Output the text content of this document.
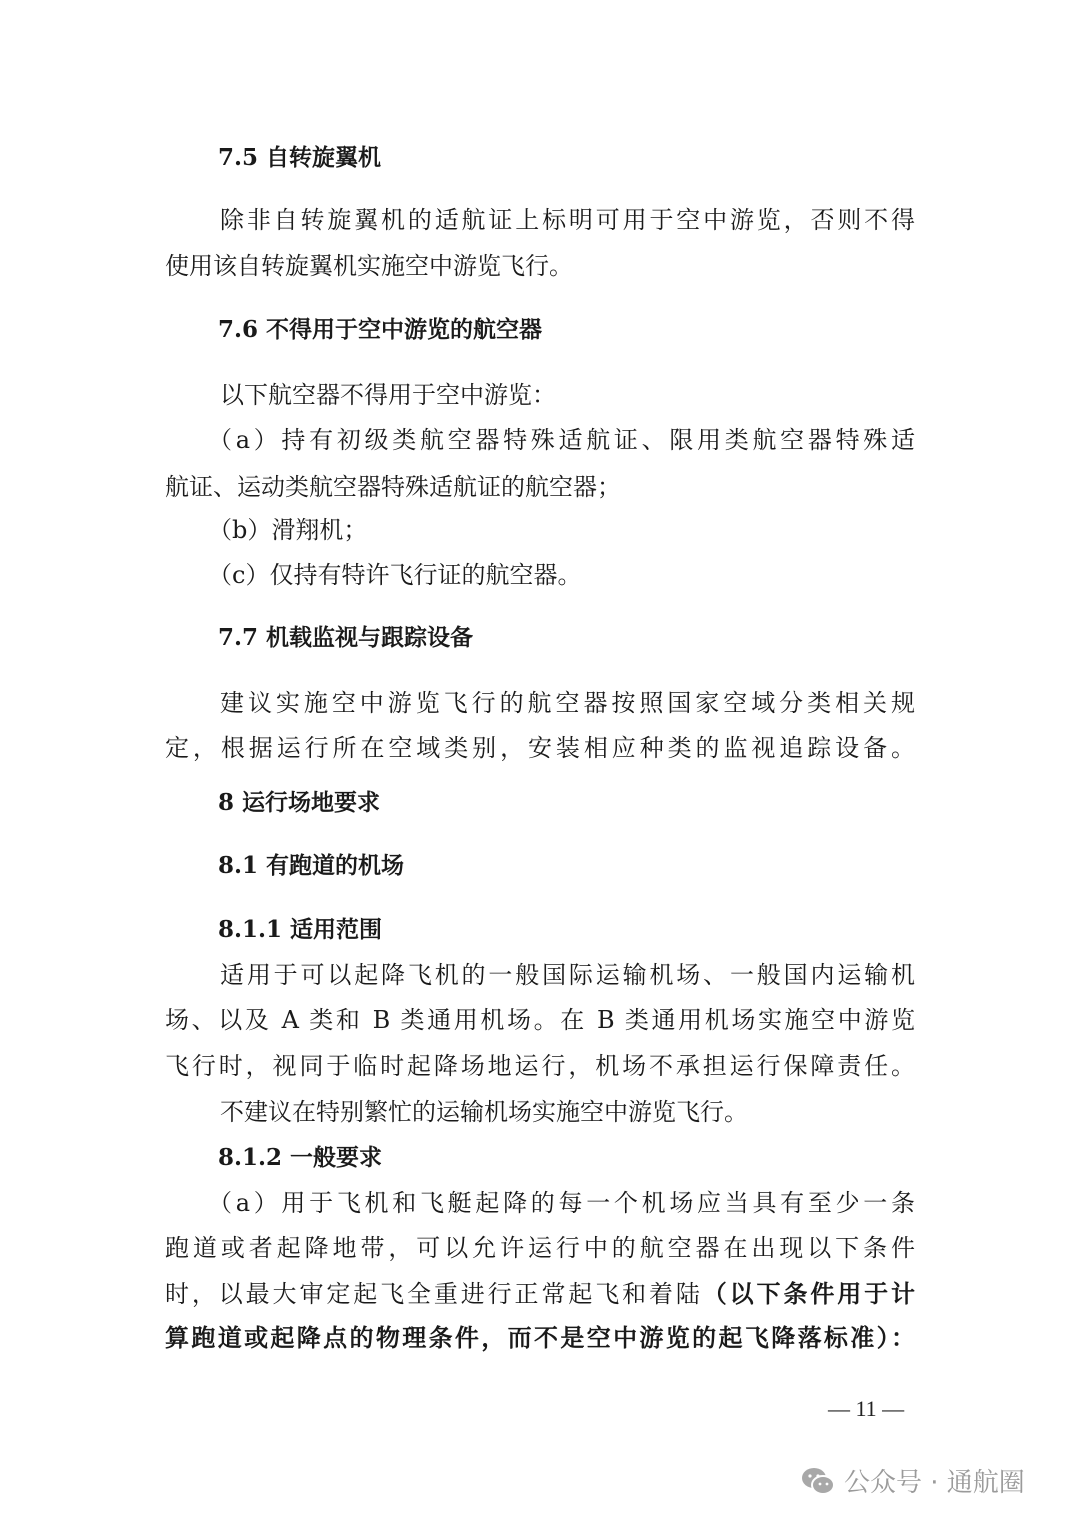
7.5 自转旋翼机
除非自转旋翼机的适航证上标明可用于空中游览，否则不得
使用该自转旋翼机实施空中游览飞行。
7.6 不得用于空中游览的航空器
以下航空器不得用于空中游览：
（a）持有初级类航空器特殊适航证、限用类航空器特殊适
航证、运动类航空器特殊适航证的航空器；
（b）滑翔机；
（c）仅持有特许飞行证的航空器。
7.7 机载监视与跟踪设备
建议实施空中游览飞行的航空器按照国家空域分类相关规
定，根据运行所在空域类别，安装相应种类的监视追踪设备。
8 运行场地要求
8.1 有跑道的机场
8.1.1 适用范围
适用于可以起降飞机的一般国际运输机场、一般国内运输机
场、以及 A 类和 B 类通用机场。在 B 类通用机场实施空中游览
飞行时，视同于临时起降场地运行，机场不承担运行保障责任。
不建议在特别繁忙的运输机场实施空中游览飞行。
8.1.2 一般要求
（a）用于飞机和飞艇起降的每一个机场应当具有至少一条
跑道或者起降地带，可以允许运行中的航空器在出现以下条件
时，以最大审定起飞全重进行正常起飞和着陆（以下条件用于计
算跑道或起降点的物理条件，而不是空中游览的起飞降落标准）：
— 11 —
公众号 · 通航圈
